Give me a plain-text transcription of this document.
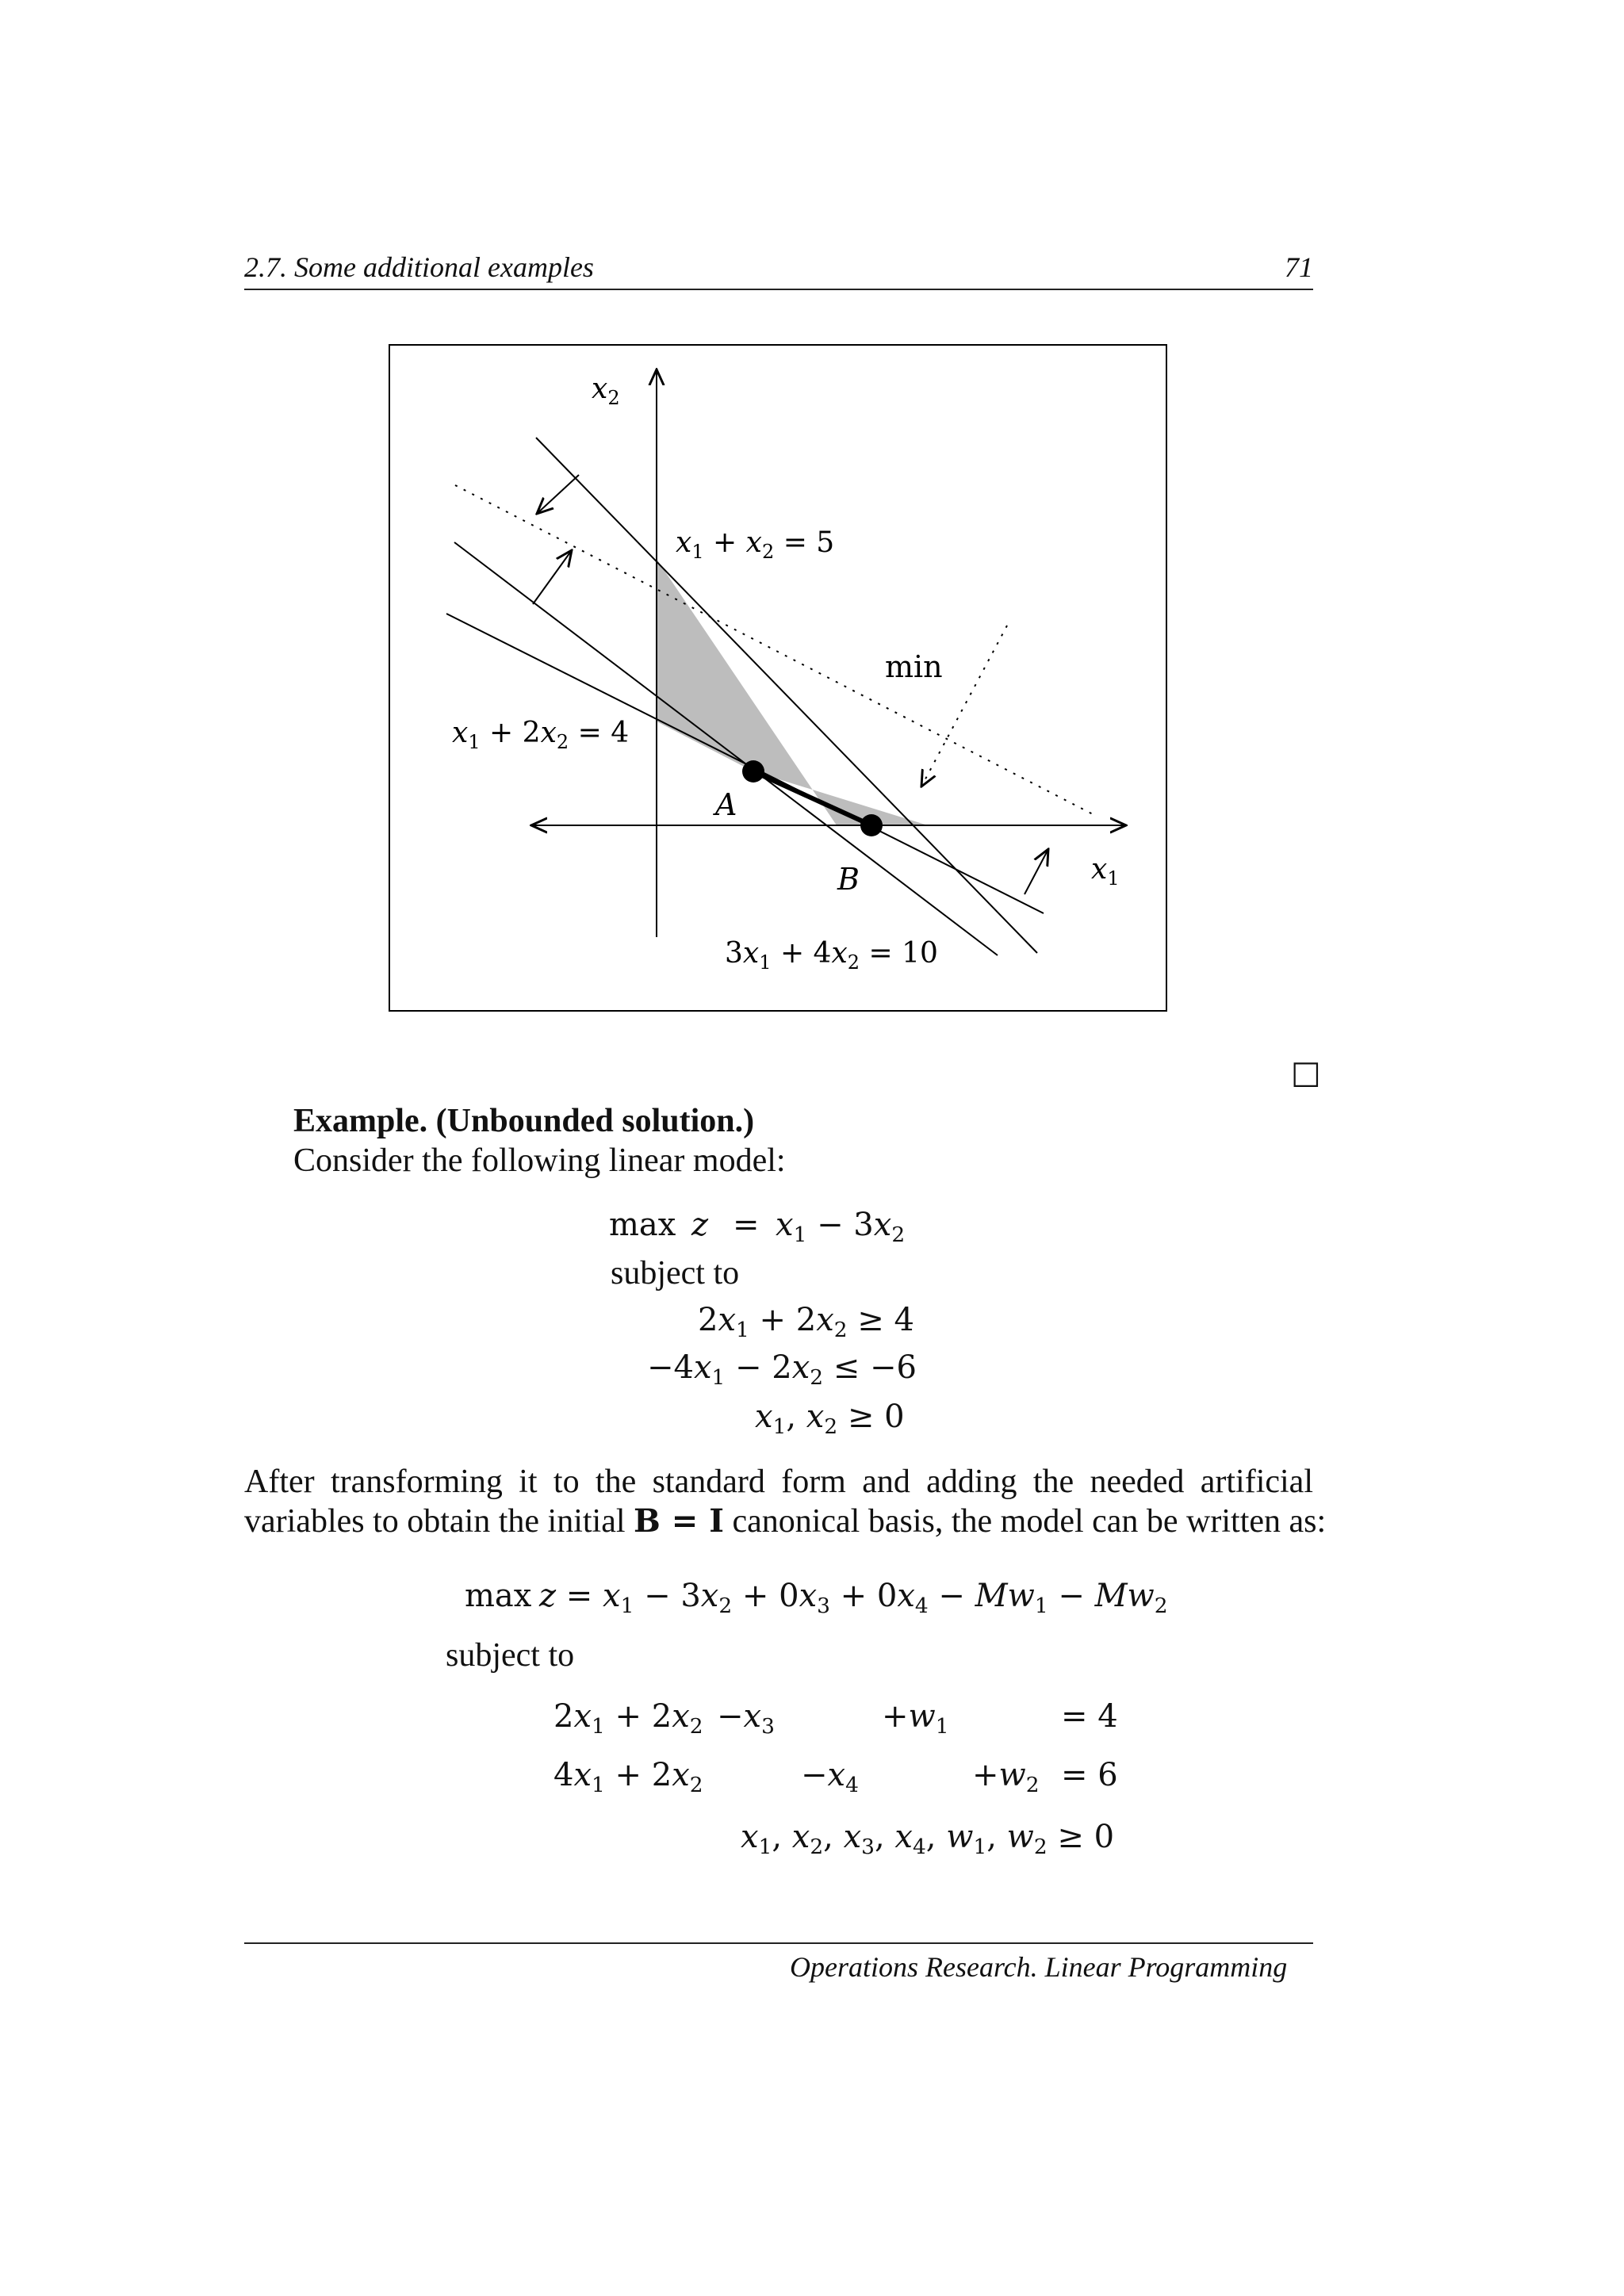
2.7. Some additional examples	71
x2
x1
x1 + x2 = 5
x1 + 2x2 = 4
3x1 + 4x2 = 10
min
A
B
□
Example. (Unbounded solution.)
Consider the following linear model:
$\max z = x_1 - 3x_2$
subject to
$2x_1 + 2x_2 \ge 4$
$-4x_1 - 2x_2 \le -6$
$x_1$, $x_2 \ge 0$
After transforming it to the standard form and adding the needed artificial
variables to obtain the initial B = I canonical basis, the model can be written as:
$\max z = x_1 - 3x_2 + 0x_3 + 0x_4 - Mw_1 - Mw_2$
subject to
$2x_1 + 2x_2 -x_3$	$+w_1$	= 4
$4x_1 + 2x_2$	$-x_4$	$+w_2 = 6$
$x_1$, $x_2$, $x_3$, $x_4$, $w_1$, $w_2 \ge 0$
Operations Research. Linear Programming
